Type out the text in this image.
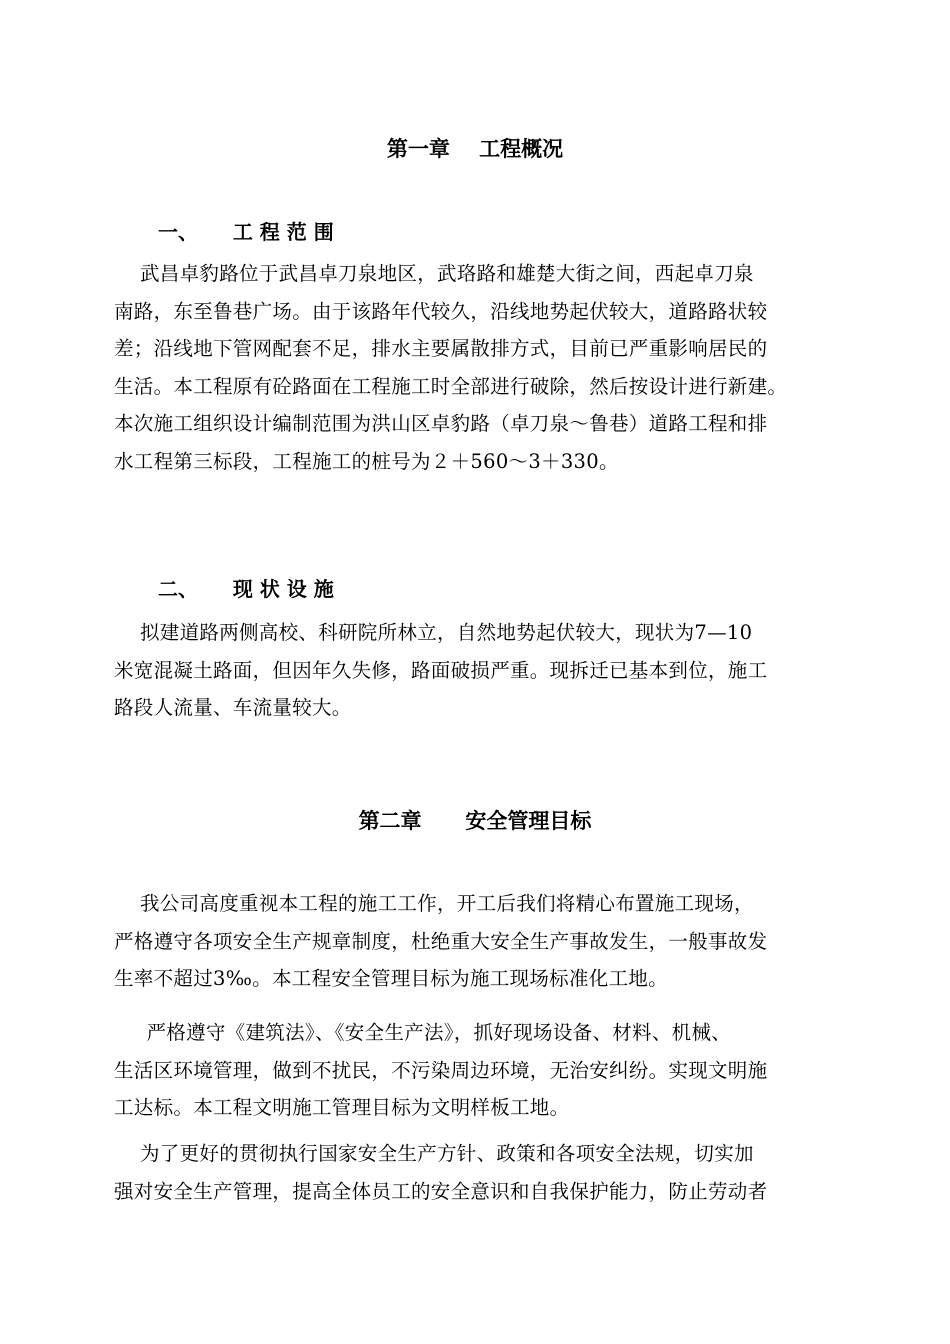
第一章    工程概况
一、     工 程 范 围
武昌卓豹路位于武昌卓刀泉地区，武珞路和雄楚大街之间，西起卓刀泉
南路，东至鲁巷广场。由于该路年代较久，沿线地势起伏较大，道路路状较
差；沿线地下管网配套不足，排水主要属散排方式，目前已严重影响居民的
生活。本工程原有砼路面在工程施工时全部进行破除，然后按设计进行新建。
本次施工组织设计编制范围为洪山区卓豹路（卓刀泉～鲁巷）道路工程和排
水工程第三标段，工程施工的桩号为２＋560～3＋330。
二、     现 状 设 施
拟建道路两侧高校、科研院所林立，自然地势起伏较大，现状为7—10
米宽混凝土路面，但因年久失修，路面破损严重。现拆迁已基本到位，施工
路段人流量、车流量较大。
第二章      安全管理目标
我公司高度重视本工程的施工工作，开工后我们将精心布置施工现场，
严格遵守各项安全生产规章制度，杜绝重大安全生产事故发生，一般事故发
生率不超过3‰。本工程安全管理目标为施工现场标准化工地。
严格遵守《建筑法》、《安全生产法》，抓好现场设备、材料、机械、
生活区环境管理，做到不扰民，不污染周边环境，无治安纠纷。实现文明施
工达标。本工程文明施工管理目标为文明样板工地。
为了更好的贯彻执行国家安全生产方针、政策和各项安全法规，切实加
强对安全生产管理，提高全体员工的安全意识和自我保护能力，防止劳动者
